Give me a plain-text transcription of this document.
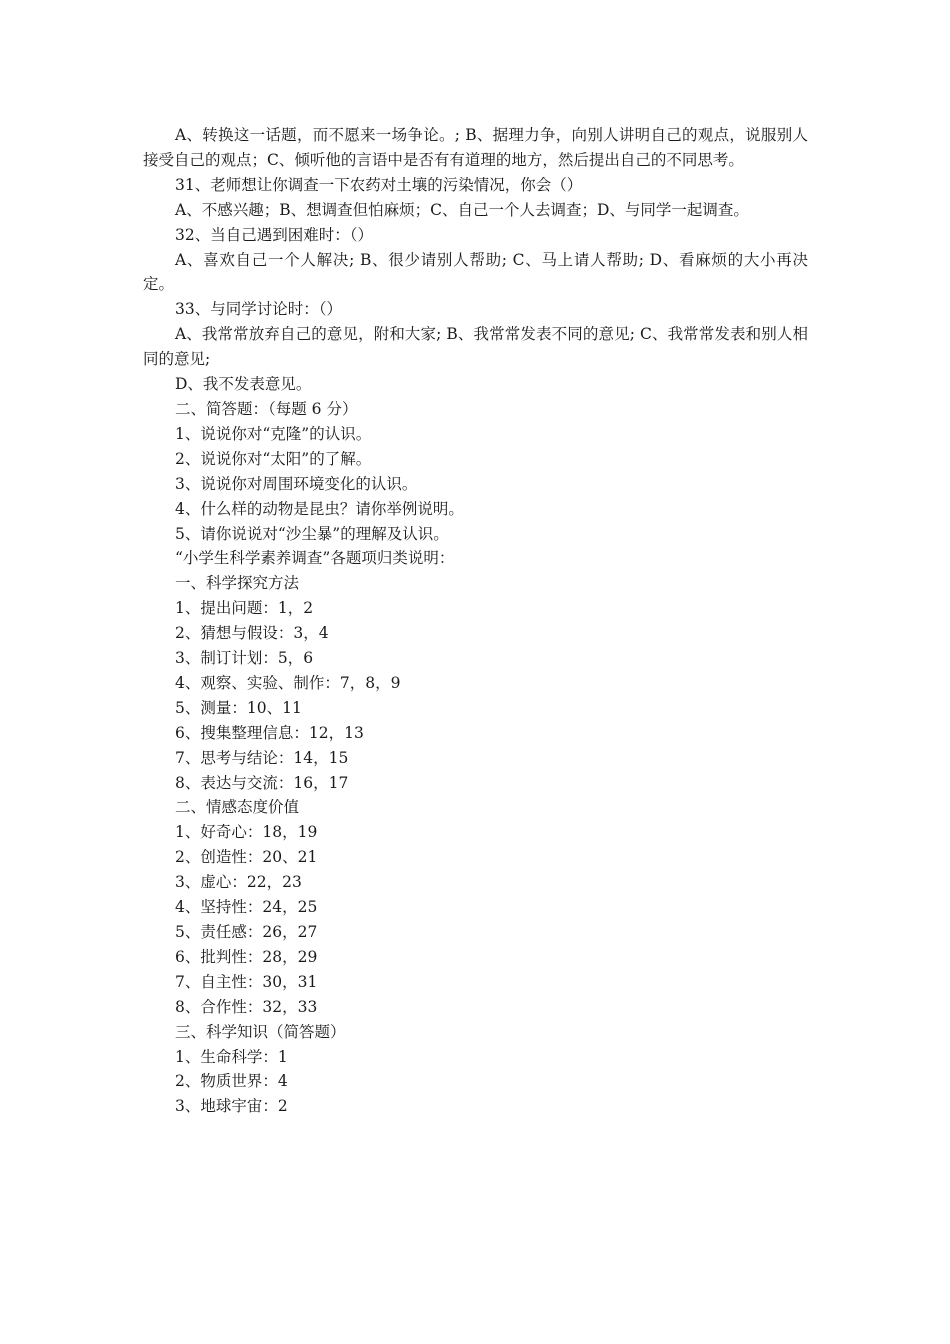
A、转换这一话题，而不愿来一场争论。; B、据理力争，向别人讲明自己的观点，说服别人接受自己的观点；C、倾听他的言语中是否有有道理的地方，然后提出自己的不同思考。

31、老师想让你调查一下农药对土壤的污染情况，你会（）

A、不感兴趣；B、想调查但怕麻烦；C、自己一个人去调查；D、与同学一起调查。

32、当自己遇到困难时：（）

A、喜欢自己一个人解决; B、很少请别人帮助; C、马上请人帮助; D、看麻烦的大小再决定。

33、与同学讨论时：（）

A、我常常放弃自己的意见，附和大家; B、我常常发表不同的意见; C、我常常发表和别人相同的意见;

D、我不发表意见。

二、简答题：（每题 6 分）

1、说说你对“克隆”的认识。

2、说说你对“太阳”的了解。

3、说说你对周围环境变化的认识。

4、什么样的动物是昆虫？请你举例说明。

5、请你说说对“沙尘暴”的理解及认识。

“小学生科学素养调查”各题项归类说明：

一、科学探究方法

1、提出问题：1，2

2、猜想与假设：3，4

3、制订计划：5，6

4、观察、实验、制作：7，8，9

5、测量：10、11

6、搜集整理信息：12，13

7、思考与结论：14，15

8、表达与交流：16，17

二、情感态度价值

1、好奇心：18，19

2、创造性：20、21

3、虚心：22，23

4、坚持性：24，25

5、责任感：26，27

6、批判性：28，29

7、自主性：30，31

8、合作性：32，33

三、科学知识（简答题）

1、生命科学：1

2、物质世界：4

3、地球宇宙：2
